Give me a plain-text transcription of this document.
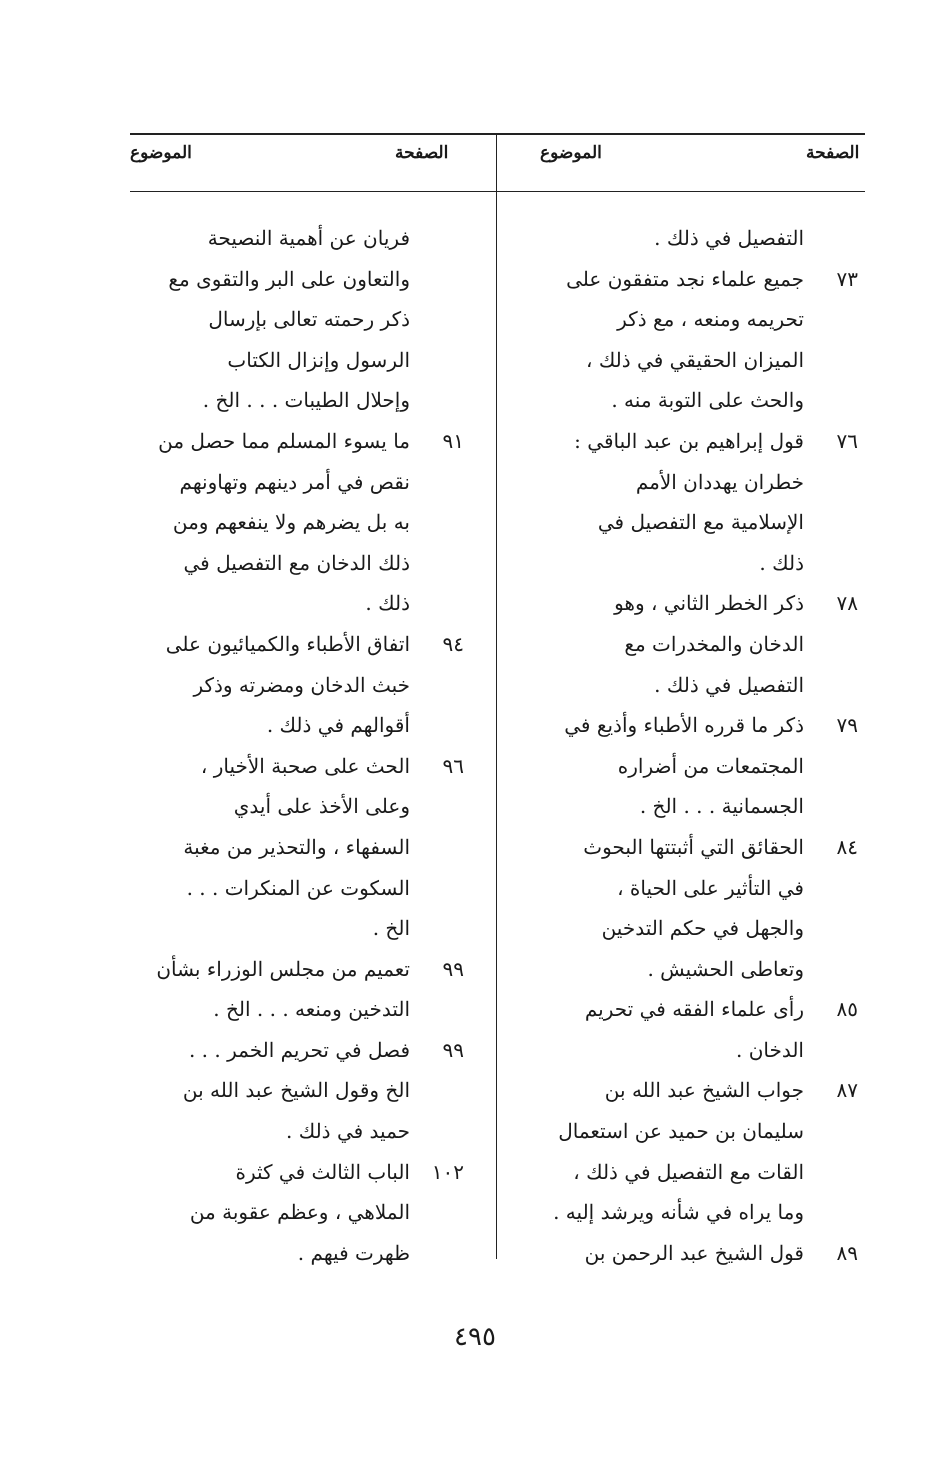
الصفحة
الموضوع
الصفحة
الموضوع
التفصيل في ذلك .
٧٣
جميع علماء نجد متفقون على
تحريمه ومنعه ، مع ذكر
الميزان الحقيقي في ذلك ،
والحث على التوبة منه .
٧٦
قول إبراهيم بن عبد الباقي :
خطران يهددان الأمم
الإسلامية مع التفصيل في
ذلك .
٧٨
ذكر الخطر الثاني ، وهو
الدخان والمخدرات مع
التفصيل في ذلك .
٧٩
ذكر ما قرره الأطباء وأذيع في
المجتمعات من أضراره
الجسمانية . . . الخ .
٨٤
الحقائق التي أثبتتها البحوث
في التأثير على الحياة ،
والجهل في حكم التدخين
وتعاطى الحشيش .
٨٥
رأى علماء الفقه في تحريم
الدخان .
٨٧
جواب الشيخ عبد الله بن
سليمان بن حميد عن استعمال
القات مع التفصيل في ذلك ،
وما يراه في شأنه ويرشد إليه .
٨٩
قول الشيخ عبد الرحمن بن
فريان عن أهمية النصيحة
والتعاون على البر والتقوى مع
ذكر رحمته تعالى بإرسال
الرسول وإنزال الكتاب
وإحلال الطيبات . . . الخ .
٩١
ما يسوء المسلم مما حصل من
نقص في أمر دينهم وتهاونهم
به بل يضرهم ولا ينفعهم ومن
ذلك الدخان مع التفصيل في
ذلك .
٩٤
اتفاق الأطباء والكميائيون على
خبث الدخان ومضرته وذكر
أقوالهم في ذلك .
٩٦
الحث على صحبة الأخيار ،
وعلى الأخذ على أيدي
السفهاء ، والتحذير من مغبة
السكوت عن المنكرات . . .
الخ .
٩٩
تعميم من مجلس الوزراء بشأن
التدخين ومنعه . . . الخ .
٩٩
فصل في تحريم الخمر . . .
الخ وقول الشيخ عبد الله بن
حميد في ذلك .
١٠٢
الباب الثالث في كثرة
الملاهي ، وعظم عقوبة من
ظهرت فيهم .
٤٩٥
